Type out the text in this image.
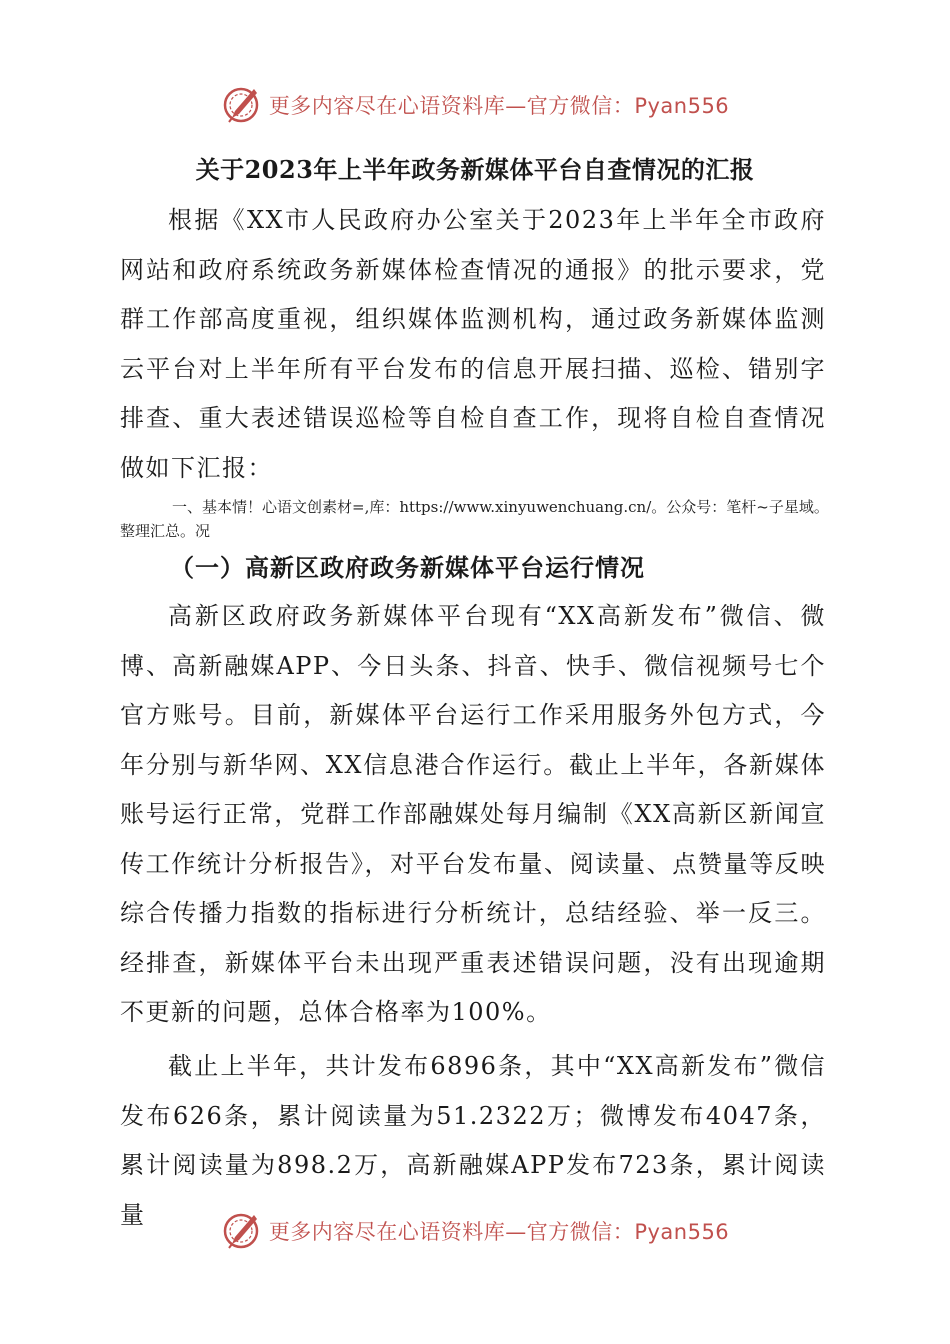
更多内容尽在心语资料库—官方微信：Pyan556
关于2023年上半年政务新媒体平台自查情况的汇报

根据《XX市人民政府办公室关于2023年上半年全市政府网站和政府系统政务新媒体检查情况的通报》的批示要求，党群工作部高度重视，组织媒体监测机构，通过政务新媒体监测云平台对上半年所有平台发布的信息开展扫描、巡检、错别字排查、重大表述错误巡检等自检自查工作，现将自检自查情况做如下汇报：

一、基本情！心语文创素材=,库：https://www.xinyuwenchuang.cn/。公众号：笔杆~子星域。整理汇总。况

（一）高新区政府政务新媒体平台运行情况

高新区政府政务新媒体平台现有“XX高新发布”微信、微博、高新融媒APP、今日头条、抖音、快手、微信视频号七个官方账号。目前，新媒体平台运行工作采用服务外包方式，今年分别与新华网、XX信息港合作运行。截止上半年，各新媒体账号运行正常，党群工作部融媒处每月编制《XX高新区新闻宣传工作统计分析报告》，对平台发布量、阅读量、点赞量等反映综合传播力指数的指标进行分析统计，总结经验、举一反三。经排查，新媒体平台未出现严重表述错误问题，没有出现逾期不更新的问题，总体合格率为100%。

截止上半年，共计发布6896条，其中“XX高新发布”微信发布626条，累计阅读量为51.2322万；微博发布4047条，累计阅读量为898.2万，高新融媒APP发布723条，累计阅读量

更多内容尽在心语资料库—官方微信：Pyan556
